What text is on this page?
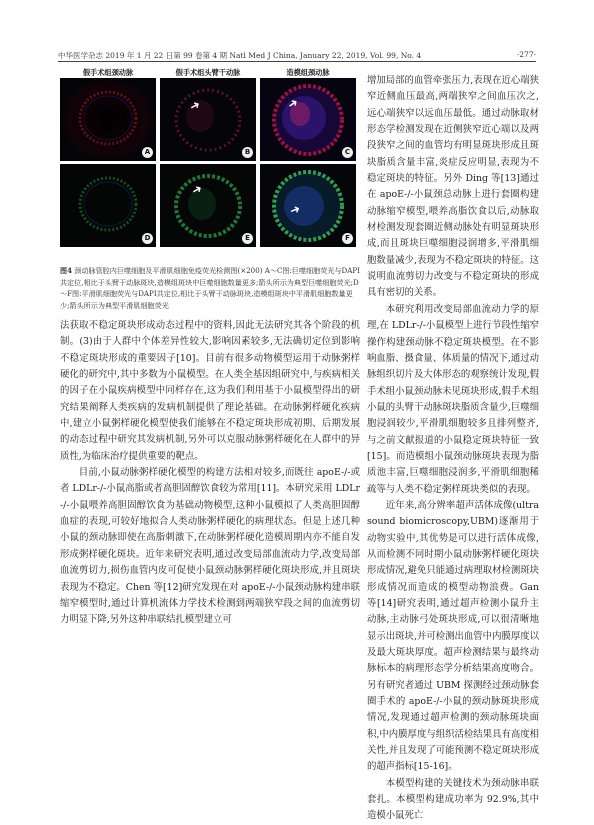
中华医学杂志 2019 年 1 月 22 日第 99 卷第 4 期 Natl Med J China, January 22, 2019, Vol. 99, No. 4	·277·
假手术组颈动脉	假手术组头臂干动脉	造模组颈动脉
A
➜
B
➜
C
D
➜
E
➜
F
图4 颈动脉管腔内巨噬细胞及平滑肌细胞免疫荧光检测图(×200) A～C图:巨噬细胞荧光与DAPI共定位,相比于头臂干动脉斑块,造模组斑块中巨噬细胞数量更多;箭头所示为典型巨噬细胞荧光;D～F图:平滑肌细胞荧光与DAPI共定位,相比于头臂干动脉斑块,造模组斑块中平滑肌细胞数量更少;箭头所示为典型平滑肌细胞荧光

法获取不稳定斑块形成动态过程中的资料,因此无法研究其各个阶段的机制。(3)由于人群中个体差异性较大,影响因素较多,无法确切定位到影响不稳定斑块形成的重要因子[10]。目前有很多动物模型运用于动脉粥样硬化的研究中,其中多数为小鼠模型。在人类全基因组研究中,与疾病相关的因子在小鼠疾病模型中同样存在,这为我们利用基于小鼠模型得出的研究结果阐释人类疾病的发病机制提供了理论基础。在动脉粥样硬化疾病中,建立小鼠粥样硬化模型使我们能够在不稳定斑块形成初期、后期发展的动态过程中研究其发病机制,另外可以克服动脉粥样硬化在人群中的异质性,为临床治疗提供重要的靶点。

目前,小鼠动脉粥样硬化模型的构建方法相对较多,而既往 apoE-/-或者 LDLr-/-小鼠高脂或者高胆固醇饮食较为常用[11]。本研究采用 LDLr-/-小鼠喂养高胆固醇饮食为基础动物模型,这种小鼠模拟了人类高胆固醇血症的表现,可较好地拟合人类动脉粥样硬化的病理状态。但是上述几种小鼠的颈动脉即使在高脂刺激下,在动脉粥样硬化造模周期内亦不能自发形成粥样硬化斑块。近年来研究表明,通过改变局部血流动力学,改变局部血流剪切力,损伤血管内皮可促使小鼠颈动脉粥样硬化斑块形成,并且斑块表现为不稳定。Chen 等[12]研究发现在对 apoE-/-小鼠颈动脉构建串联缩窄模型时,通过计算机流体力学技术检测到两端狭窄段之间的血流剪切力明显下降,另外这种串联结扎模型建立可

增加局部的血管牵张压力,表现在近心端狭窄近侧血压最高,两端狭窄之间血压次之,远心端狭窄以远血压最低。通过动脉取材形态学检测发现在近侧狭窄近心端以及两段狭窄之间的血管均有明显斑块形成且斑块脂质含量丰富,炎症反应明显,表现为不稳定斑块的特征。另外 Ding 等[13]通过在 apoE-/-小鼠颈总动脉上进行套圈构建动脉缩窄模型,喂养高脂饮食以后,动脉取材检测发现套圈近侧动脉处有明显斑块形成,而且斑块巨噬细胞浸润增多,平滑肌细胞数量减少,表现为不稳定斑块的特征。这说明血流剪切力改变与不稳定斑块的形成具有密切的关系。

本研究利用改变局部血流动力学的原理,在 LDLr-/-小鼠模型上进行节段性缩窄操作构建颈动脉不稳定斑块模型。在不影响血脂、摄食量、体质量的情况下,通过动脉组织切片及大体形态的观察统计发现,假手术组小鼠颈动脉未见斑块形成,假手术组小鼠的头臂干动脉斑块脂质含量少,巨噬细胞浸润较少,平滑肌细胞较多且排列整齐,与之前文献报道的小鼠稳定斑块特征一致[15]。而造模组小鼠颈动脉斑块表现为脂质池丰富,巨噬细胞浸润多,平滑肌细胞稀疏等与人类不稳定粥样斑块类似的表现。

近年来,高分辨率超声活体成像(ultrasound biomicroscopy,UBM)逐渐用于动物实验中,其优势是可以进行活体成像,从而检测不同时期小鼠动脉粥样硬化斑块形成情况,避免只能通过病理取材检测斑块形成情况而造成的模型动物浪费。Gan 等[14]研究表明,通过超声检测小鼠升主动脉,主动脉弓处斑块形成,可以很清晰地显示出斑块,并可检测出血管中内膜厚度以及最大斑块厚度。超声检测结果与最终动脉标本的病理形态学分析结果高度吻合。另有研究者通过 UBM 探测经过颈动脉套圈手术的 apoE-/-小鼠的颈动脉斑块形成情况,发现通过超声检测的颈动脉斑块面积,中内膜厚度与组织活检结果具有高度相关性,并且发现了可能预测不稳定斑块形成的超声指标[15-16]。

本模型构建的关键技术为颈动脉串联套扎。本模型构建成功率为 92.9%,其中造模小鼠死亡
